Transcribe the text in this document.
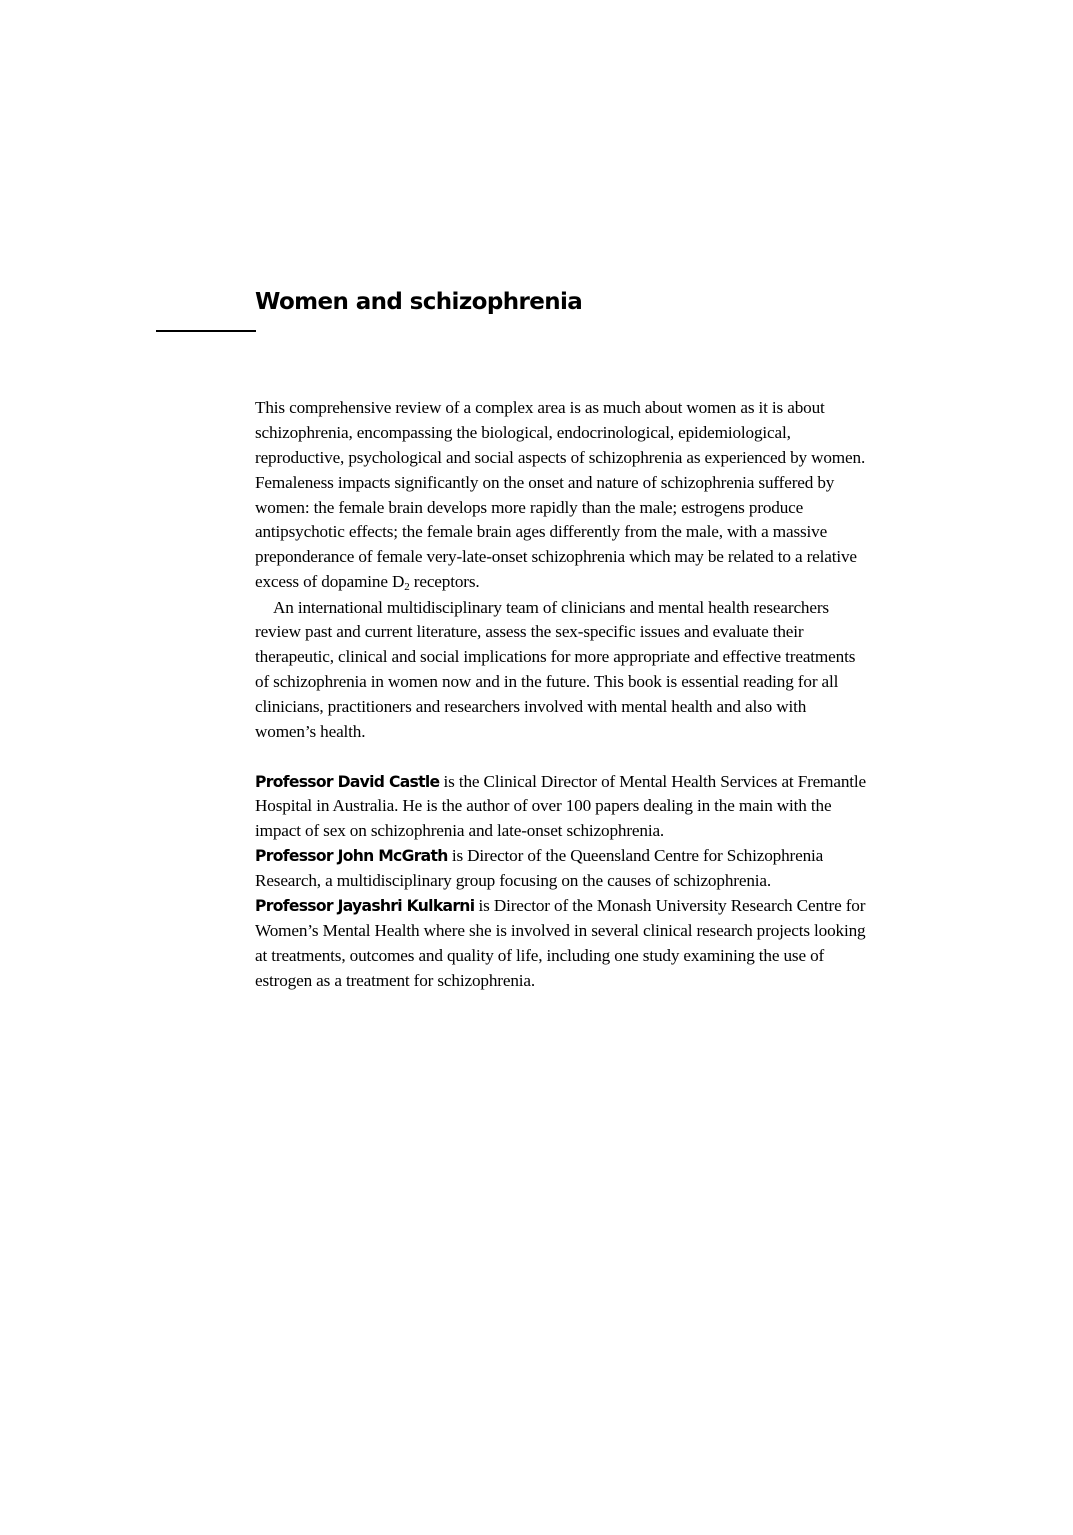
Women and schizophrenia
This comprehensive review of a complex area is as much about women as it is about
schizophrenia, encompassing the biological, endocrinological, epidemiological,
reproductive, psychological and social aspects of schizophrenia as experienced by women.
Femaleness impacts significantly on the onset and nature of schizophrenia suffered by
women: the female brain develops more rapidly than the male; estrogens produce
antipsychotic effects; the female brain ages differently from the male, with a massive
preponderance of female very-late-onset schizophrenia which may be related to a relative
excess of dopamine $D_2$ receptors.
An international multidisciplinary team of clinicians and mental health researchers
review past and current literature, assess the sex-specific issues and evaluate their
therapeutic, clinical and social implications for more appropriate and effective treatments
of schizophrenia in women now and in the future. This book is essential reading for all
clinicians, practitioners and researchers involved with mental health and also with
women’s health.
Professor David Castle is the Clinical Director of Mental Health Services at Fremantle
Hospital in Australia. He is the author of over 100 papers dealing in the main with the
impact of sex on schizophrenia and late-onset schizophrenia.
Professor John McGrath is Director of the Queensland Centre for Schizophrenia
Research, a multidisciplinary group focusing on the causes of schizophrenia.
Professor Jayashri Kulkarni is Director of the Monash University Research Centre for
Women’s Mental Health where she is involved in several clinical research projects looking
at treatments, outcomes and quality of life, including one study examining the use of
estrogen as a treatment for schizophrenia.
